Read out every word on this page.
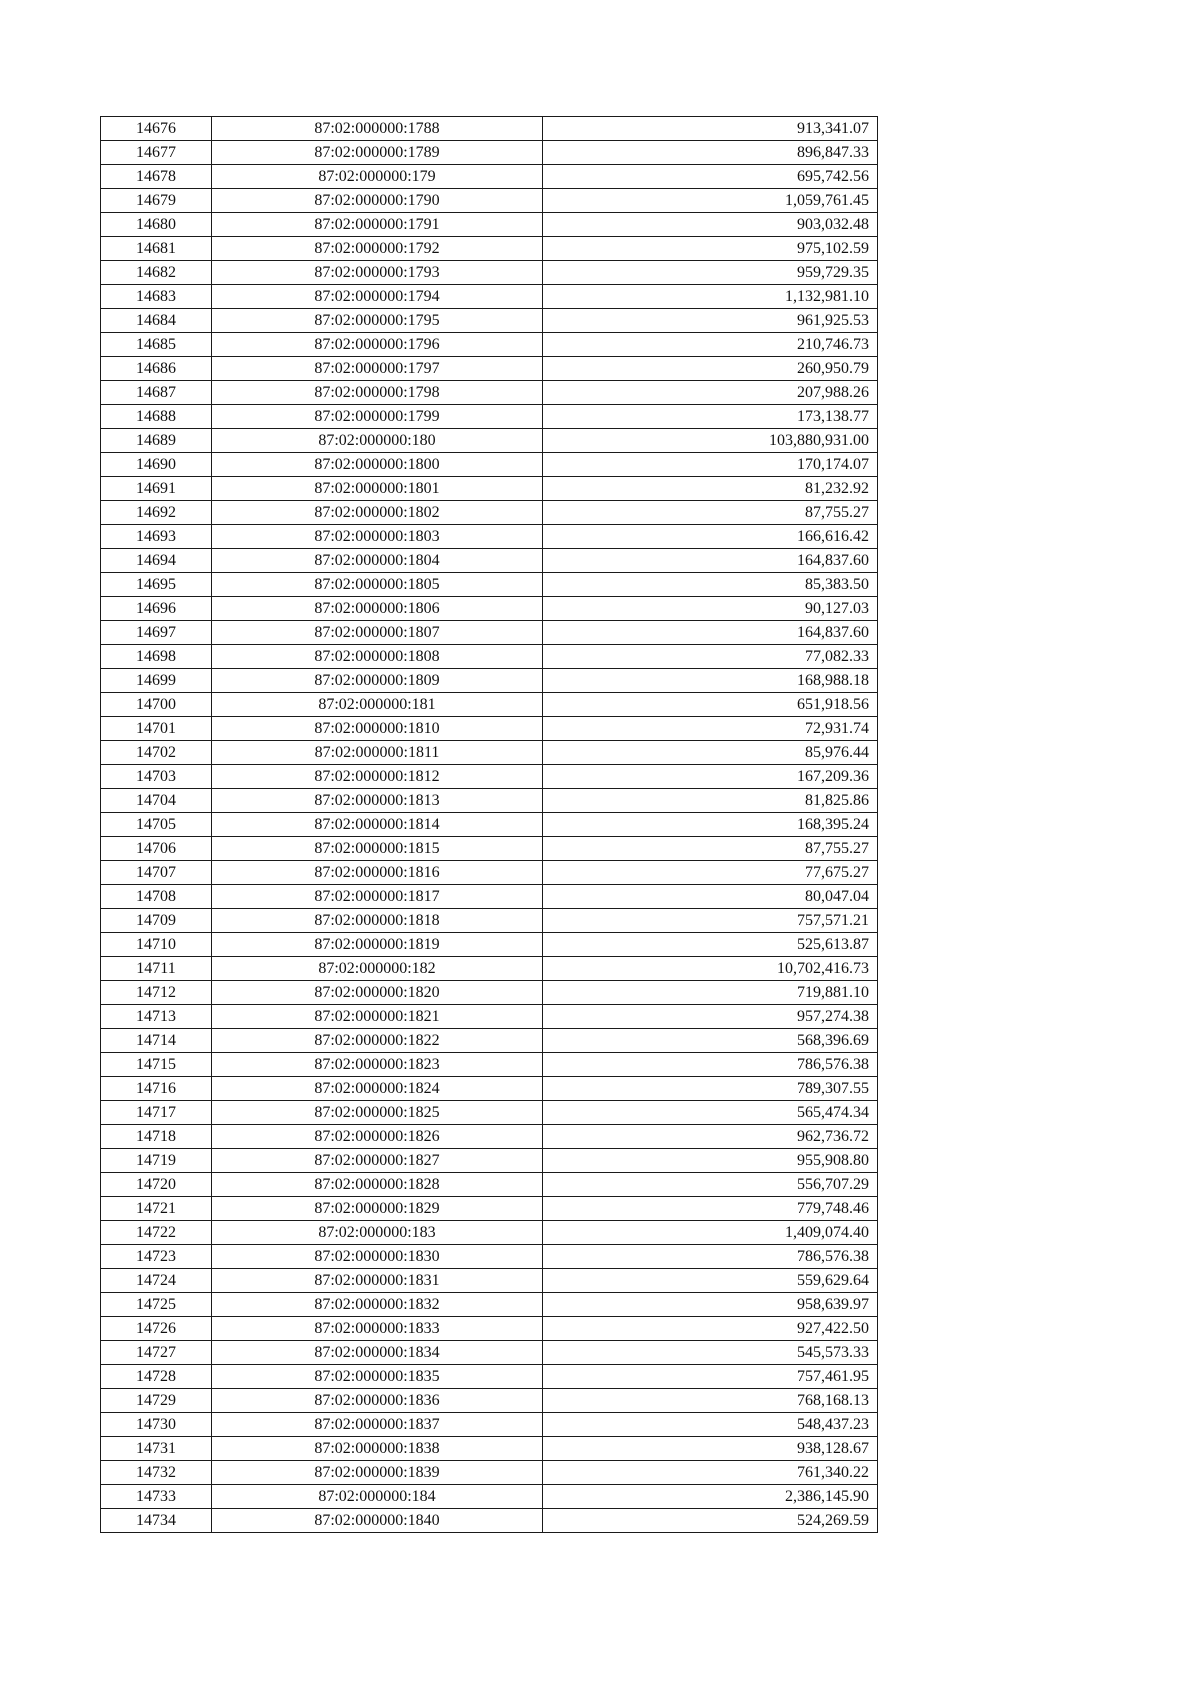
14676	87:02:000000:1788	913,341.07
14677	87:02:000000:1789	896,847.33
14678	87:02:000000:179	695,742.56
14679	87:02:000000:1790	1,059,761.45
14680	87:02:000000:1791	903,032.48
14681	87:02:000000:1792	975,102.59
14682	87:02:000000:1793	959,729.35
14683	87:02:000000:1794	1,132,981.10
14684	87:02:000000:1795	961,925.53
14685	87:02:000000:1796	210,746.73
14686	87:02:000000:1797	260,950.79
14687	87:02:000000:1798	207,988.26
14688	87:02:000000:1799	173,138.77
14689	87:02:000000:180	103,880,931.00
14690	87:02:000000:1800	170,174.07
14691	87:02:000000:1801	81,232.92
14692	87:02:000000:1802	87,755.27
14693	87:02:000000:1803	166,616.42
14694	87:02:000000:1804	164,837.60
14695	87:02:000000:1805	85,383.50
14696	87:02:000000:1806	90,127.03
14697	87:02:000000:1807	164,837.60
14698	87:02:000000:1808	77,082.33
14699	87:02:000000:1809	168,988.18
14700	87:02:000000:181	651,918.56
14701	87:02:000000:1810	72,931.74
14702	87:02:000000:1811	85,976.44
14703	87:02:000000:1812	167,209.36
14704	87:02:000000:1813	81,825.86
14705	87:02:000000:1814	168,395.24
14706	87:02:000000:1815	87,755.27
14707	87:02:000000:1816	77,675.27
14708	87:02:000000:1817	80,047.04
14709	87:02:000000:1818	757,571.21
14710	87:02:000000:1819	525,613.87
14711	87:02:000000:182	10,702,416.73
14712	87:02:000000:1820	719,881.10
14713	87:02:000000:1821	957,274.38
14714	87:02:000000:1822	568,396.69
14715	87:02:000000:1823	786,576.38
14716	87:02:000000:1824	789,307.55
14717	87:02:000000:1825	565,474.34
14718	87:02:000000:1826	962,736.72
14719	87:02:000000:1827	955,908.80
14720	87:02:000000:1828	556,707.29
14721	87:02:000000:1829	779,748.46
14722	87:02:000000:183	1,409,074.40
14723	87:02:000000:1830	786,576.38
14724	87:02:000000:1831	559,629.64
14725	87:02:000000:1832	958,639.97
14726	87:02:000000:1833	927,422.50
14727	87:02:000000:1834	545,573.33
14728	87:02:000000:1835	757,461.95
14729	87:02:000000:1836	768,168.13
14730	87:02:000000:1837	548,437.23
14731	87:02:000000:1838	938,128.67
14732	87:02:000000:1839	761,340.22
14733	87:02:000000:184	2,386,145.90
14734	87:02:000000:1840	524,269.59
